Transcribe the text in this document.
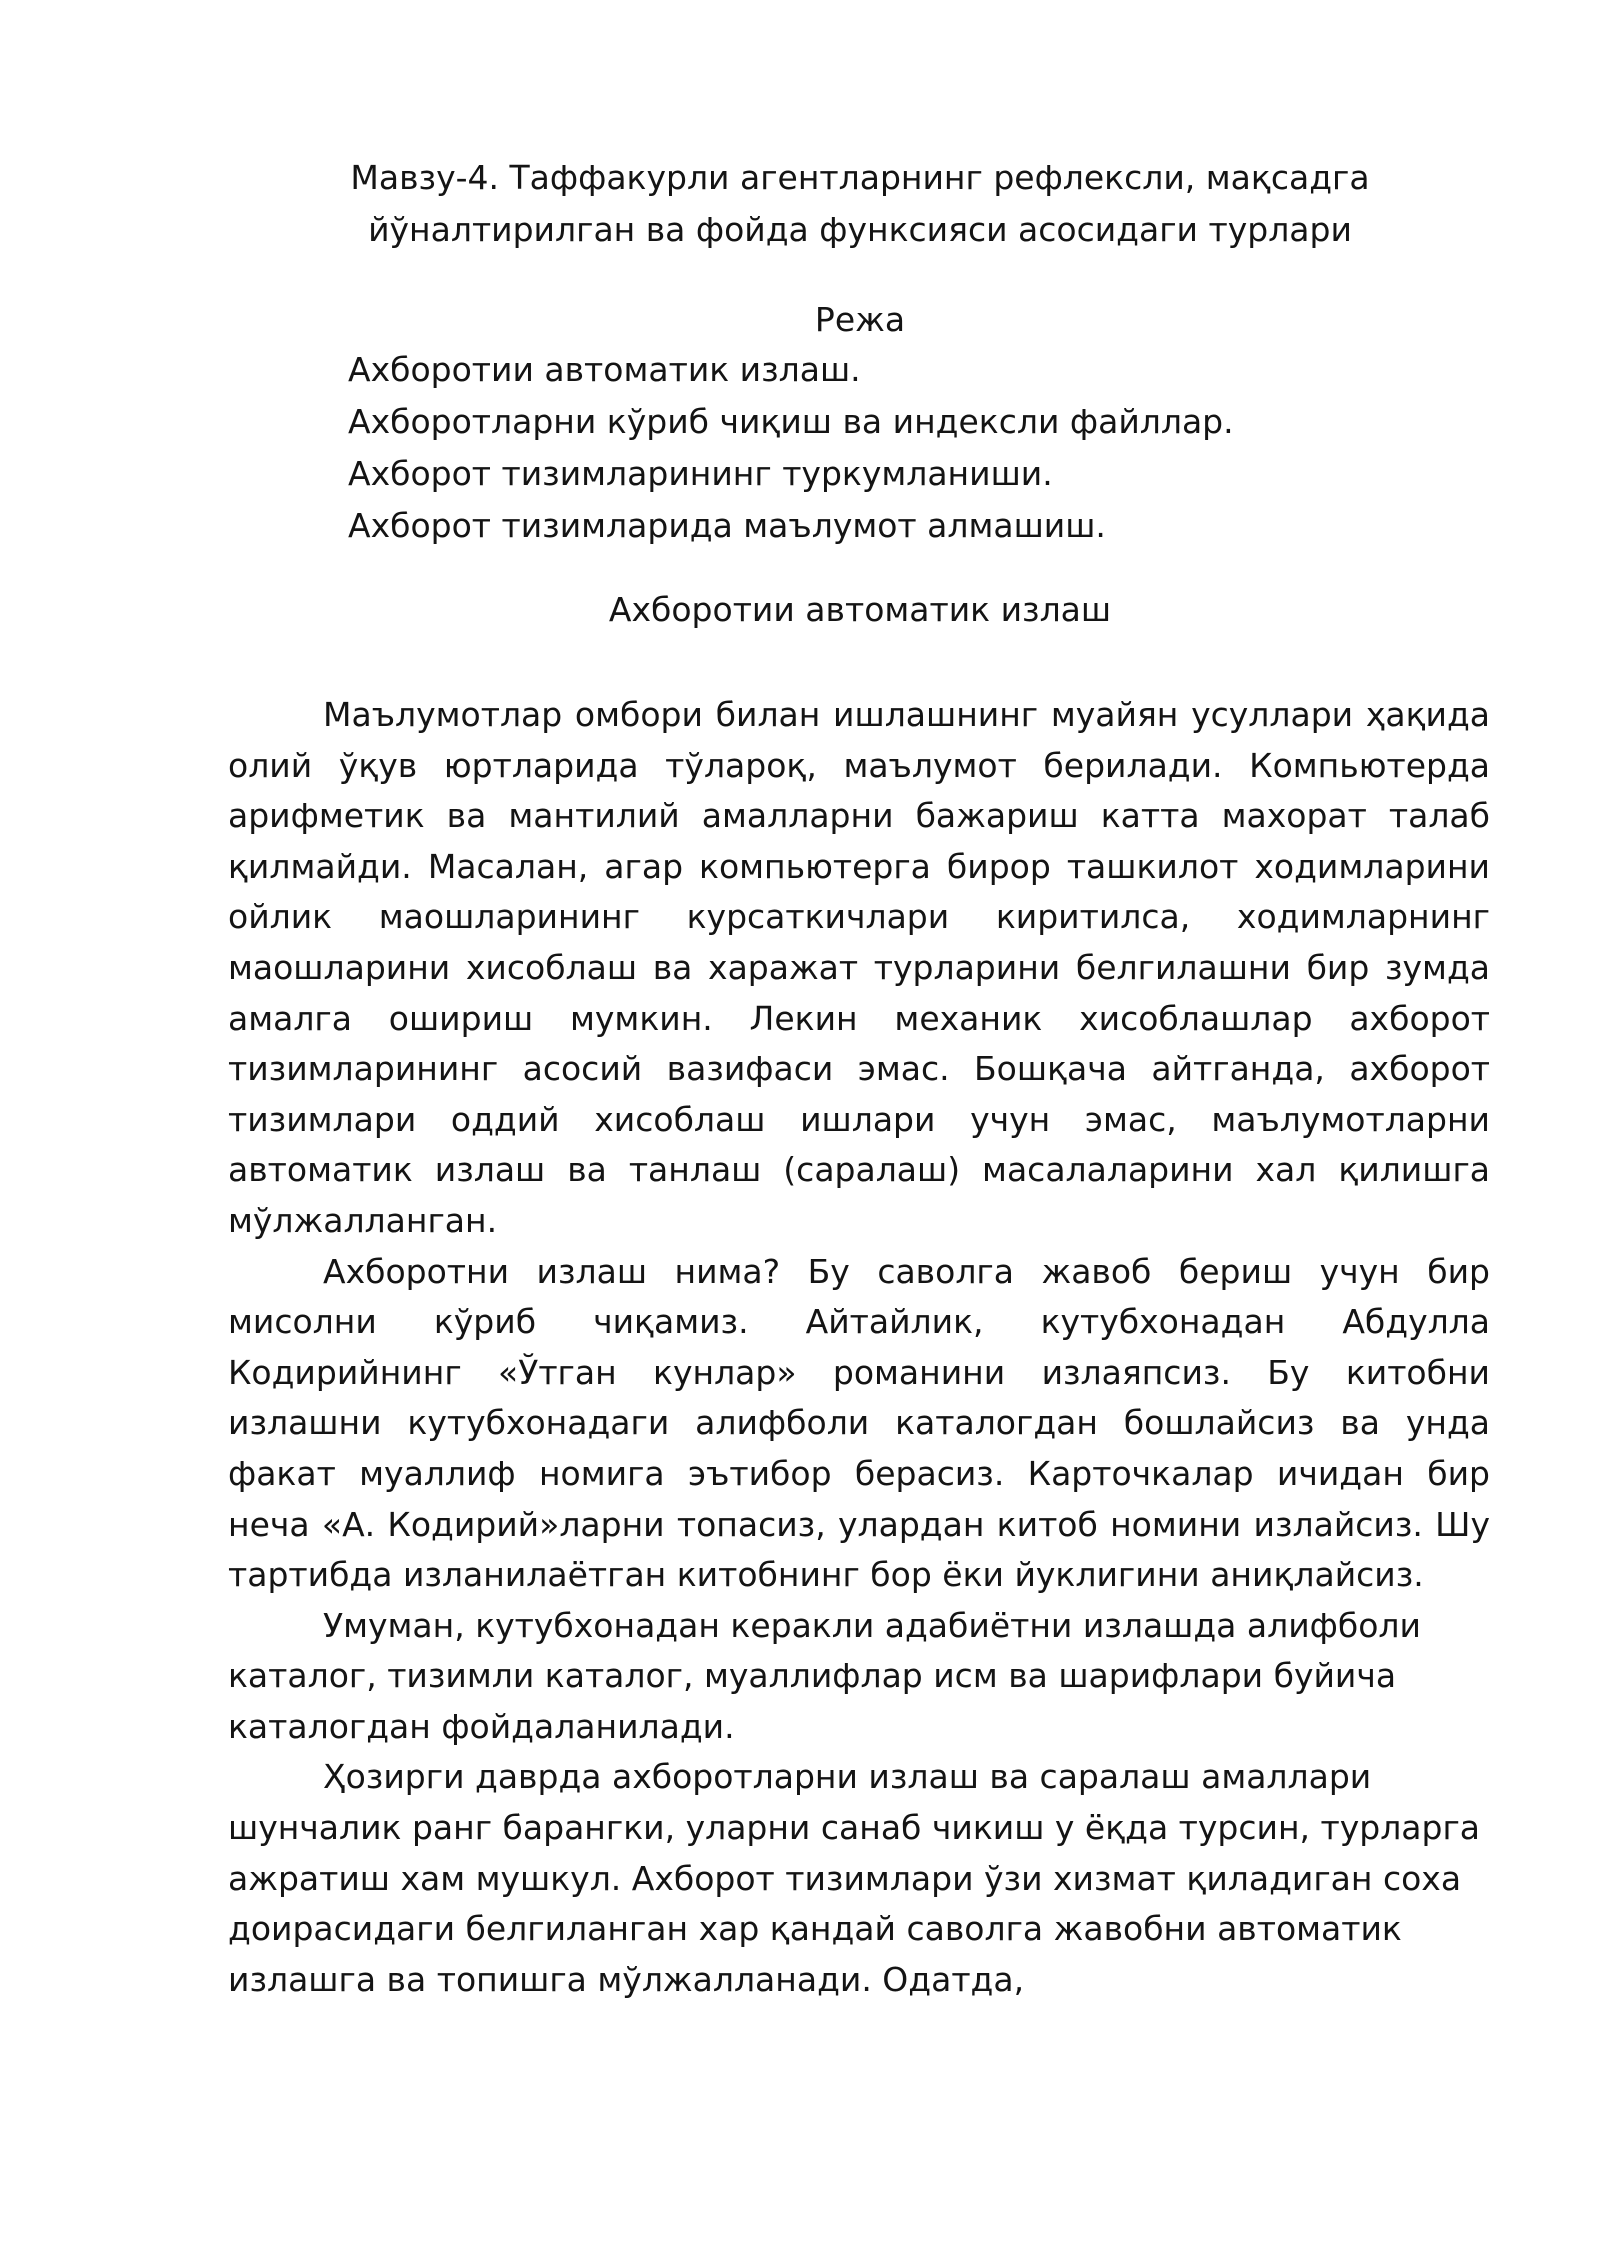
Мавзу-4. Таффакурли агентларнинг рефлексли, мақсадга
йўналтирилган ва фойда функсияси асосидаги турлари
Режа
Ахборотии автоматик излаш.
Ахборотларни кўриб чиқиш ва индексли файллар.
Ахборот тизимларининг туркумланиши.
Ахборот тизимларида маълумот алмашиш.
Ахборотии автоматик излаш

Маълумотлар омбори билан ишлашнинг муайян усуллари ҳақида олий ўқув юртларида тўлароқ, маълумот берилади. Компьютерда арифметик ва мантилий амалларни бажариш катта махорат талаб қилмайди. Масалан, агар компьютерга бирор ташкилот ходимларини ойлик маошларининг курсаткичлари киритилса, ходимларнинг маошларини хисоблаш ва харажат турларини белгилашни бир зумда амалга ошириш мумкин. Лекин механик хисоблашлар ахборот тизимларининг асосий вазифаси эмас. Бошқача айтганда, ахборот тизимлари оддий хисоблаш ишлари учун эмас, маълумотларни автоматик излаш ва танлаш (саралаш) масалаларини хал қилишга мўлжалланган.

Ахборотни излаш нима? Бу саволга жавоб бериш учун бир мисолни кўриб чиқамиз. Айтайлик, кутубхонадан Абдулла Кодирийнинг «Ўтган кунлар» романини излаяпсиз. Бу китобни излашни кутубхонадаги алифболи каталогдан бошлайсиз ва унда факат муаллиф номига эътибор берасиз. Карточкалар ичидан бир неча «А. Кодирий»ларни топасиз, улардан китоб номини излайсиз. Шу тартибда изланилаётган китобнинг бор ёки йуклигини аниқлайсиз.

Умуман, кутубхонадан керакли адабиётни излашда алифболи каталог, тизимли каталог, муаллифлар исм ва шарифлари буйича каталогдан фойдаланилади.

Ҳозирги даврда ахборотларни излаш ва саралаш амаллари шунчалик ранг барангки, уларни санаб чикиш у ёқда турсин, турларга ажратиш хам мушкул. Ахборот тизимлари ўзи хизмат қиладиган соха доирасидаги белгиланган хар қандай саволга жавобни автоматик излашга ва топишга мўлжалланади. Одатда,
